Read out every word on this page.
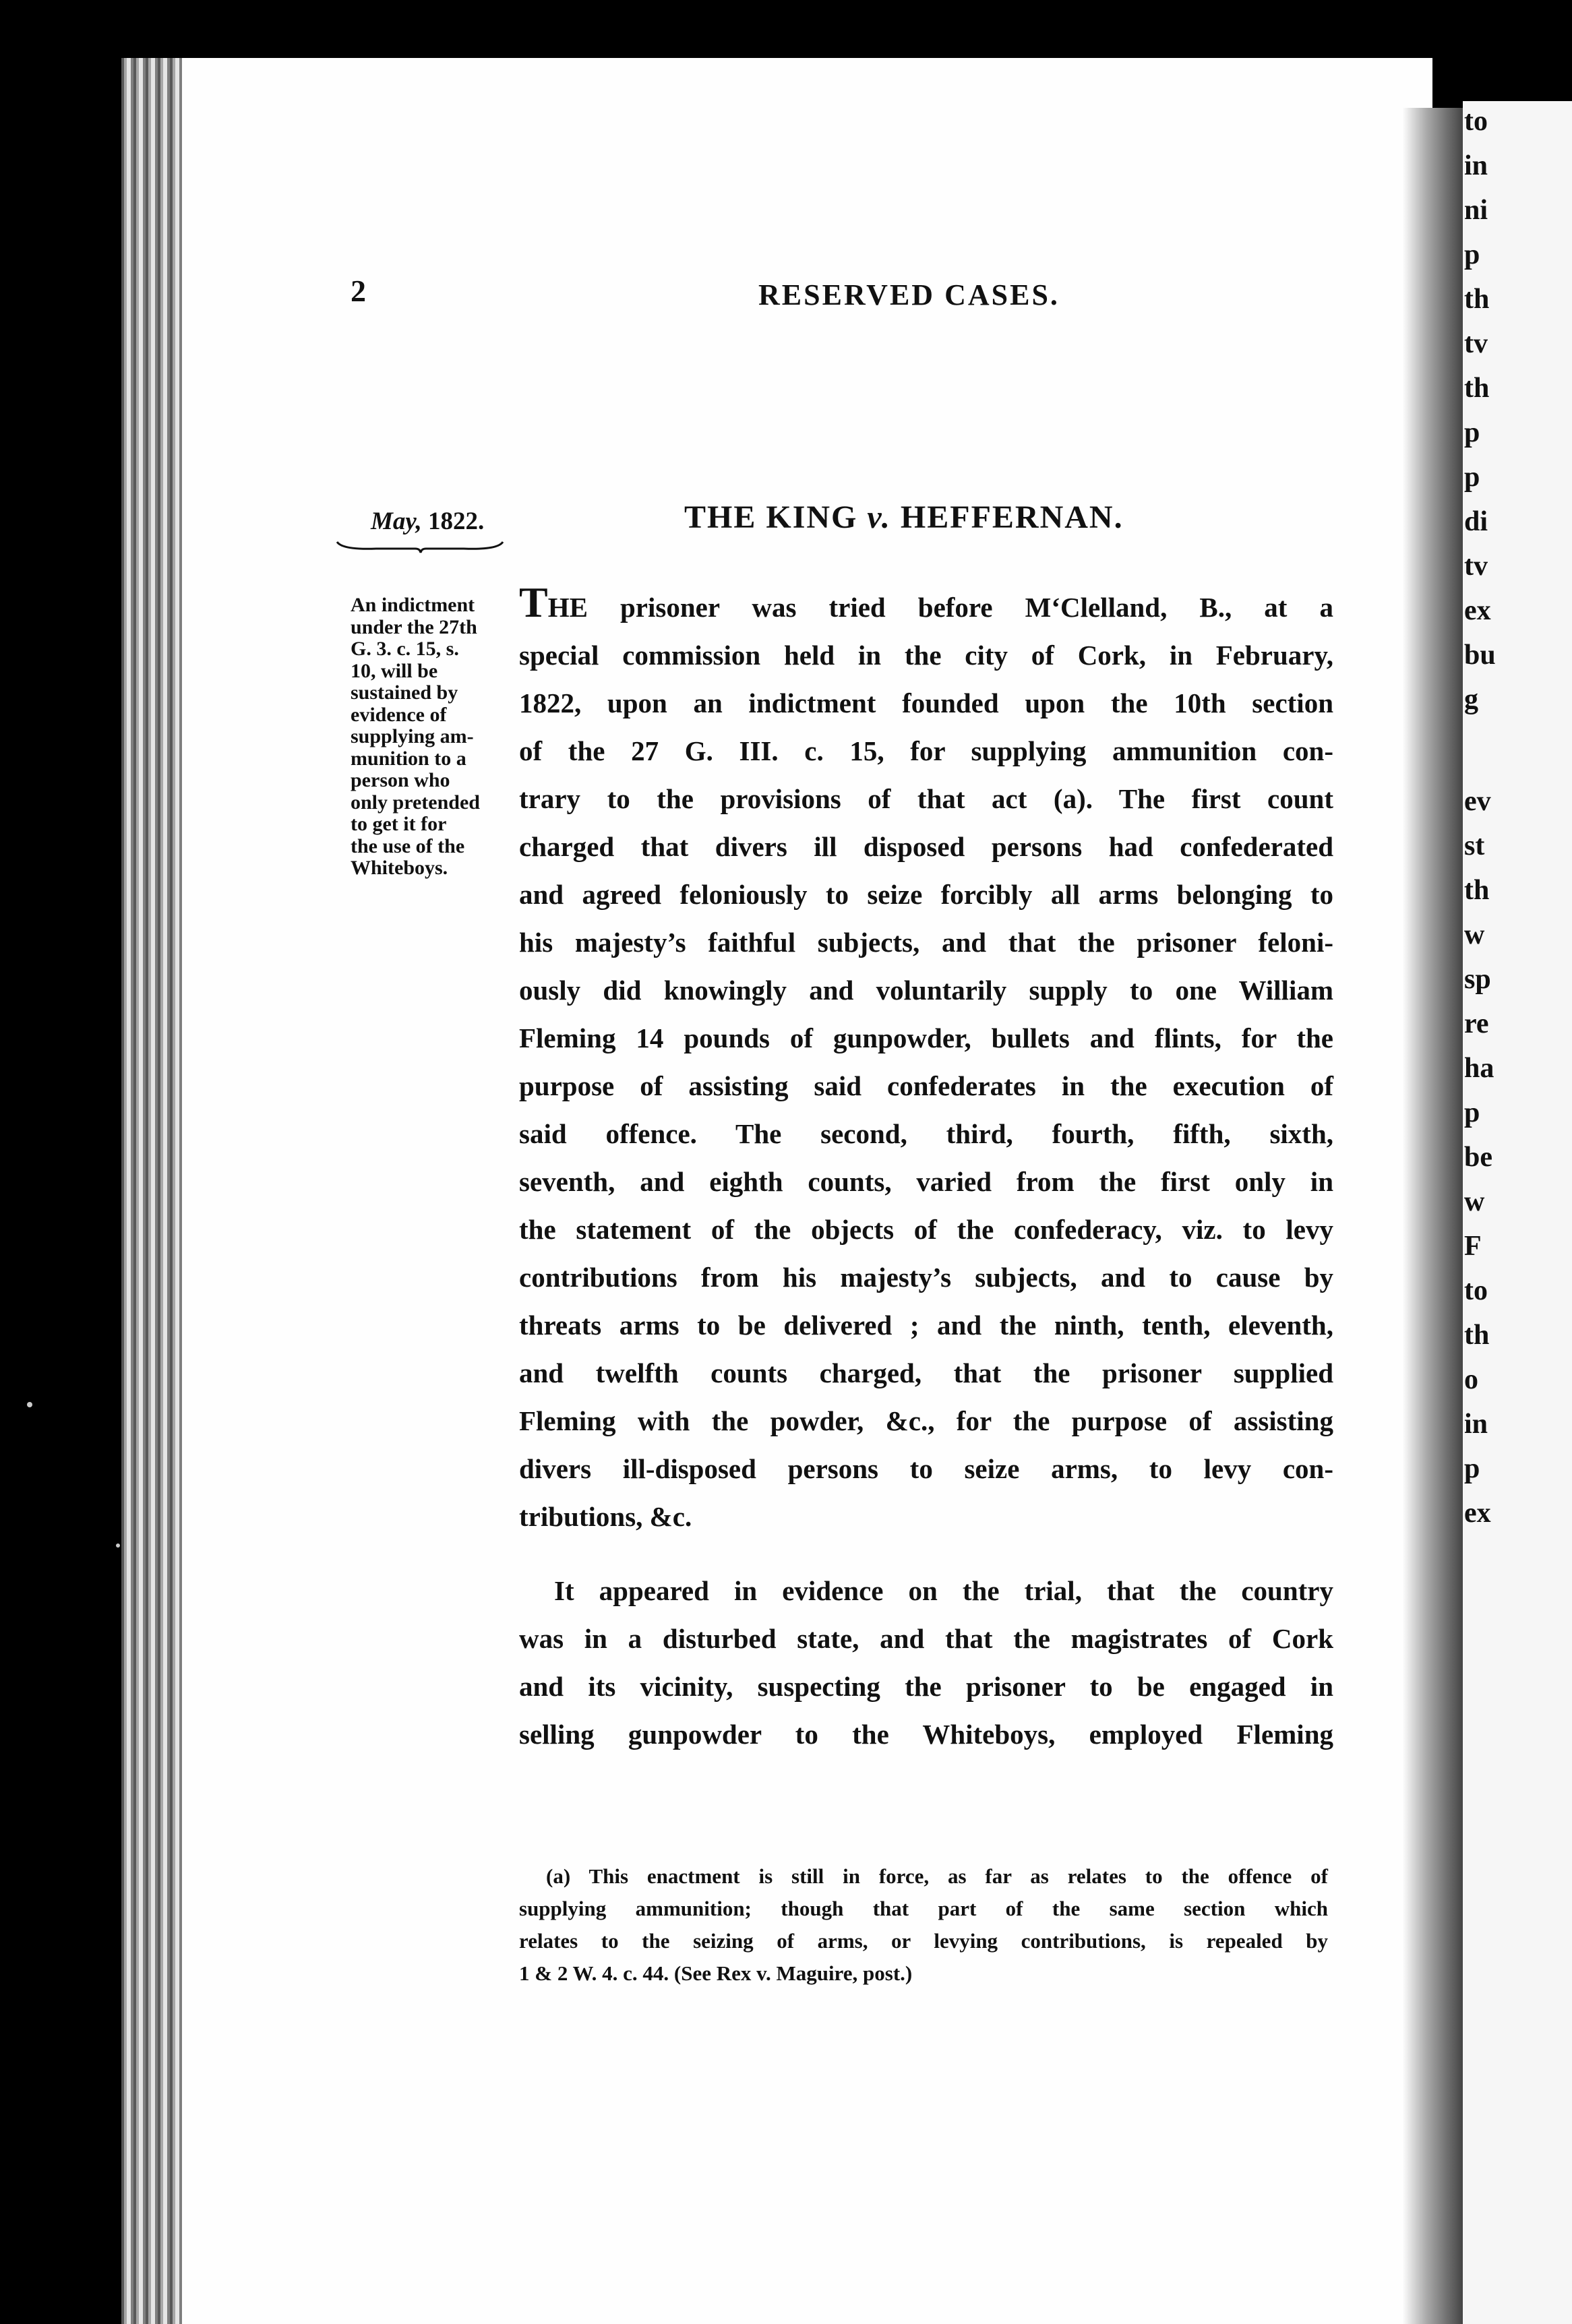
to
in
ni
p
th
tv
th
p
p
di
tv
ex
bu
g
ev
st
th
w
sp
re
ha
p
be
w
F
to
th
o
in
p
ex
2	RESERVED CASES.
May, 1822.	THE KING v. HEFFERNAN.
An indictment
under the 27th
G. 3. c. 15, s.
10, will be
sustained by
evidence of
supplying am-
munition to a
person who
only pretended
to get it for
the use of the
Whiteboys.
THE prisoner was tried before M‘Clelland, B., at a
special commission held in the city of Cork, in February,
1822, upon an indictment founded upon the 10th section
of the 27 G. III. c. 15, for supplying ammunition con-
trary to the provisions of that act (a). The first count
charged that divers ill disposed persons had confederated
and agreed feloniously to seize forcibly all arms belonging to
his majesty’s faithful subjects, and that the prisoner feloni-
ously did knowingly and voluntarily supply to one William
Fleming 14 pounds of gunpowder, bullets and flints, for the
purpose of assisting said confederates in the execution of
said offence. The second, third, fourth, fifth, sixth,
seventh, and eighth counts, varied from the first only in
the statement of the objects of the confederacy, viz. to levy
contributions from his majesty’s subjects, and to cause by
threats arms to be delivered ; and the ninth, tenth, eleventh,
and twelfth counts charged, that the prisoner supplied
Fleming with the powder, &c., for the purpose of assisting
divers ill-disposed persons to seize arms, to levy con-
tributions, &c.
It appeared in evidence on the trial, that the country
was in a disturbed state, and that the magistrates of Cork
and its vicinity, suspecting the prisoner to be engaged in
selling gunpowder to the Whiteboys, employed Fleming
(a) This enactment is still in force, as far as relates to the offence of
supplying ammunition; though that part of the same section which
relates to the seizing of arms, or levying contributions, is repealed by
1 & 2 W. 4. c. 44. (See Rex v. Maguire, post.)
